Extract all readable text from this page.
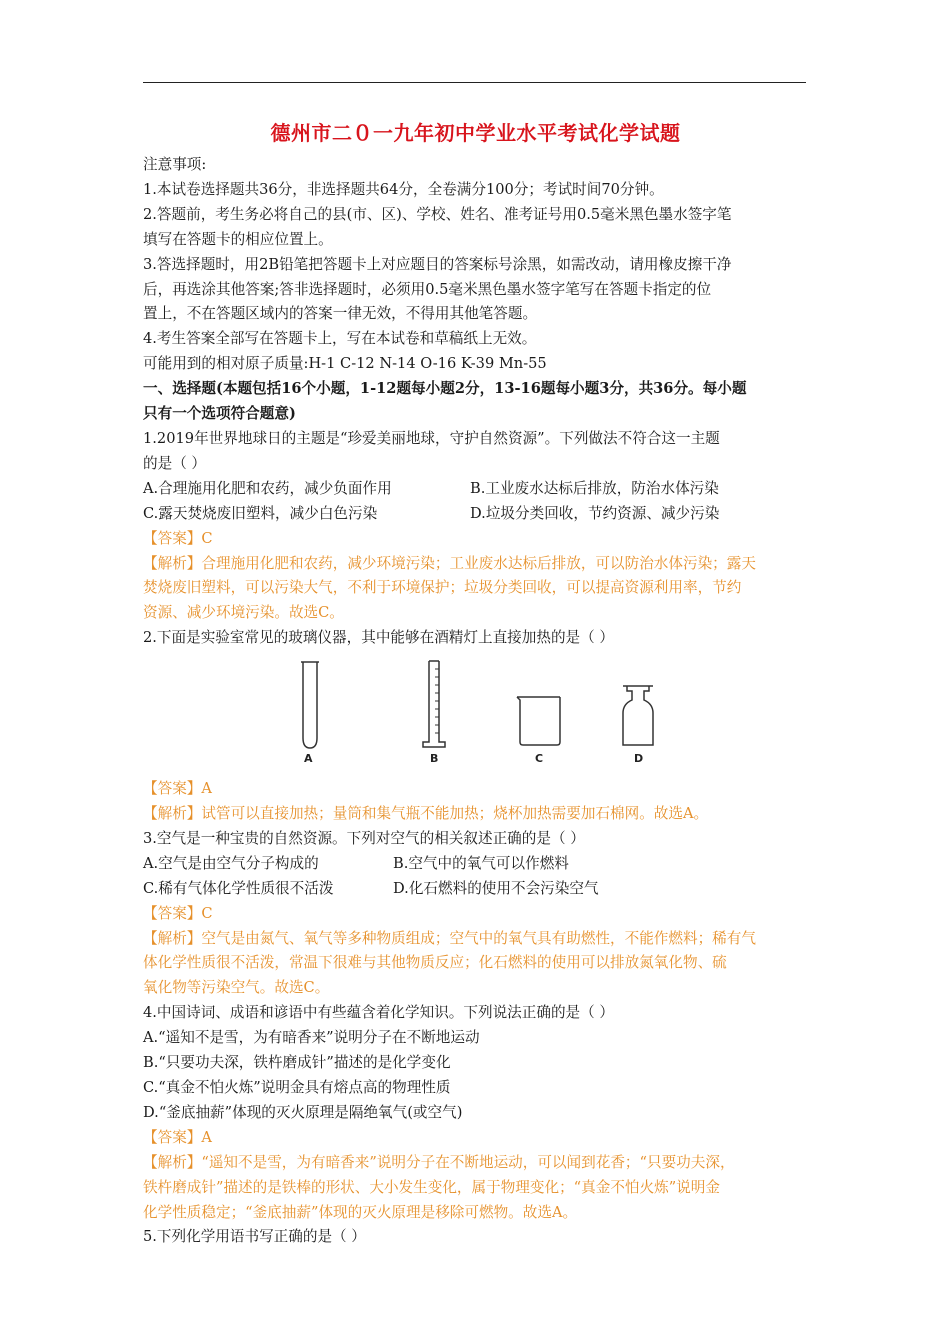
德州市二０一九年初中学业水平考试化学试题
注意事项:
1.本试卷选择题共36分，非选择题共64分，全卷满分100分；考试时间70分钟。
2.答题前，考生务必将自己的县(市、区)、学校、姓名、准考证号用0.5毫米黑色墨水签字笔
填写在答题卡的相应位置上。
3.答选择题时，用2B铅笔把答题卡上对应题目的答案标号涂黑，如需改动，请用橡皮擦干净
后，再选涂其他答案;答非选择题时，必须用0.5毫米黑色墨水签字笔写在答题卡指定的位
置上，不在答题区域内的答案一律无效，不得用其他笔答题。
4.考生答案全部写在答题卡上，写在本试卷和草稿纸上无效。
可能用到的相对原子质量:H-1 C-12 N-14 O-16 K-39 Mn-55
一、选择题(本题包括16个小题，1-12题每小题2分，13-16题每小题3分，共36分。每小题
只有一个选项符合题意)
1.2019年世界地球日的主题是“珍爱美丽地球，守护自然资源”。下列做法不符合这一主题
的是（ ）
A.合理施用化肥和农药，减少负面作用	B.工业废水达标后排放，防治水体污染
C.露天焚烧废旧塑料，减少白色污染	D.垃圾分类回收，节约资源、减少污染
【答案】C
【解析】合理施用化肥和农药，减少环境污染；工业废水达标后排放，可以防治水体污染；露天
焚烧废旧塑料，可以污染大气，不利于环境保护；垃圾分类回收，可以提高资源利用率，节约
资源、减少环境污染。故选C。
2.下面是实验室常见的玻璃仪器，其中能够在酒精灯上直接加热的是（ ）
A	B	C	D
【答案】A
【解析】试管可以直接加热；量筒和集气瓶不能加热；烧杯加热需要加石棉网。故选A。
3.空气是一种宝贵的自然资源。下列对空气的相关叙述正确的是（ ）
A.空气是由空气分子构成的	B.空气中的氧气可以作燃料
C.稀有气体化学性质很不活泼	D.化石燃料的使用不会污染空气
【答案】C
【解析】空气是由氮气、氧气等多种物质组成；空气中的氧气具有助燃性，不能作燃料；稀有气
体化学性质很不活泼，常温下很难与其他物质反应；化石燃料的使用可以排放氮氧化物、硫
氧化物等污染空气。故选C。
4.中国诗词、成语和谚语中有些蕴含着化学知识。下列说法正确的是（ ）
A.“遥知不是雪，为有暗香来”说明分子在不断地运动
B.“只要功夫深，铁杵磨成针”描述的是化学变化
C.“真金不怕火炼”说明金具有熔点高的物理性质
D.“釜底抽薪”体现的灭火原理是隔绝氧气(或空气)
【答案】A
【解析】“遥知不是雪，为有暗香来”说明分子在不断地运动，可以闻到花香；“只要功夫深，
铁杵磨成针”描述的是铁棒的形状、大小发生变化，属于物理变化；“真金不怕火炼”说明金
化学性质稳定；“釜底抽薪”体现的灭火原理是移除可燃物。故选A。
5.下列化学用语书写正确的是（ ）
